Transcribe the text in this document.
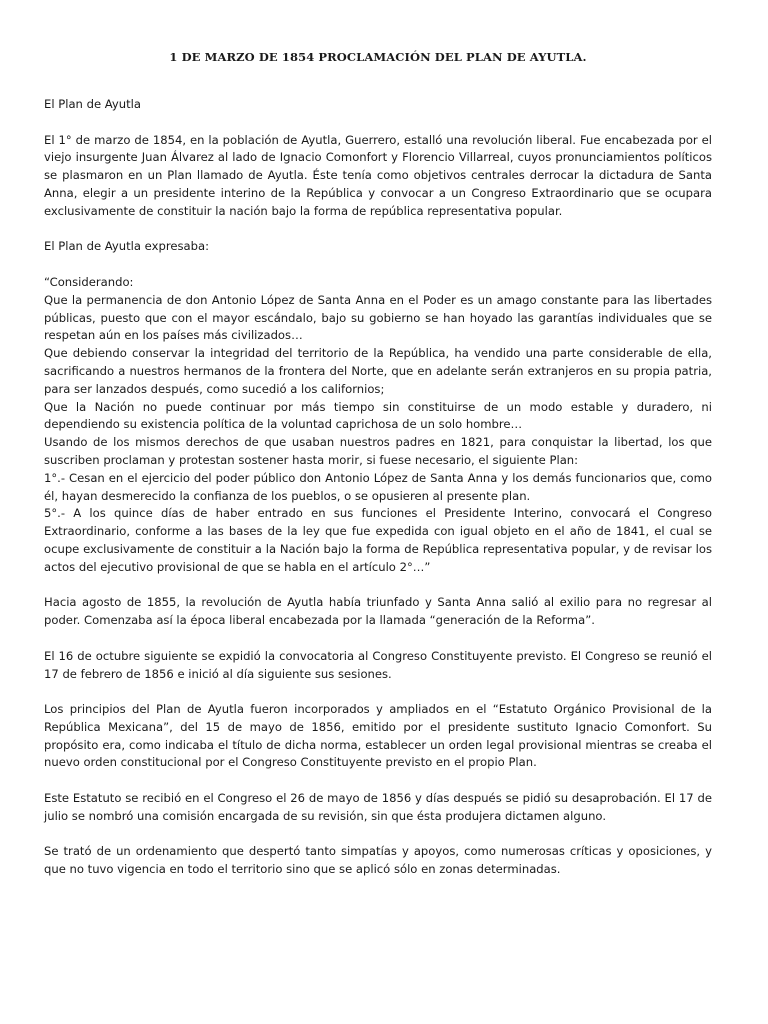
1 DE MARZO DE 1854 PROCLAMACIÓN DEL PLAN DE AYUTLA.

El Plan de Ayutla

El 1° de marzo de 1854, en la población de Ayutla, Guerrero, estalló una revolución liberal. Fue encabezada por el viejo insurgente Juan Álvarez al lado de Ignacio Comonfort y Florencio Villarreal, cuyos pronunciamientos políticos se plasmaron en un Plan llamado de Ayutla. Éste tenía como objetivos centrales derrocar la dictadura de Santa Anna, elegir a un presidente interino de la República y convocar a un Congreso Extraordinario que se ocupara exclusivamente de constituir la nación bajo la forma de república representativa popular.

El Plan de Ayutla expresaba:

“Considerando:

Que la permanencia de don Antonio López de Santa Anna en el Poder es un amago constante para las libertades públicas, puesto que con el mayor escándalo, bajo su gobierno se han hoyado las garantías individuales que se respetan aún en los países más civilizados…

Que debiendo conservar la integridad del territorio de la República, ha vendido una parte considerable de ella, sacrificando a nuestros hermanos de la frontera del Norte, que en adelante serán extranjeros en su propia patria, para ser lanzados después, como sucedió a los californios;

Que la Nación no puede continuar por más tiempo sin constituirse de un modo estable y duradero, ni dependiendo su existencia política de la voluntad caprichosa de un solo hombre…

Usando de los mismos derechos de que usaban nuestros padres en 1821, para conquistar la libertad, los que suscriben proclaman y protestan sostener hasta morir, si fuese necesario, el siguiente Plan:

1°.- Cesan en el ejercicio del poder público don Antonio López de Santa Anna y los demás funcionarios que, como él, hayan desmerecido la confianza de los pueblos, o se opusieren al presente plan.

5°.- A los quince días de haber entrado en sus funciones el Presidente Interino, convocará el Congreso Extraordinario, conforme a las bases de la ley que fue expedida con igual objeto en el año de 1841, el cual se ocupe exclusivamente de constituir a la Nación bajo la forma de República representativa popular, y de revisar los actos del ejecutivo provisional de que se habla en el artículo 2°…”

Hacia agosto de 1855, la revolución de Ayutla había triunfado y Santa Anna salió al exilio para no regresar al poder. Comenzaba así la época liberal encabezada por la llamada “generación de la Reforma”.

El 16 de octubre siguiente se expidió la convocatoria al Congreso Constituyente previsto. El Congreso se reunió el 17 de febrero de 1856 e inició al día siguiente sus sesiones.

Los principios del Plan de Ayutla fueron incorporados y ampliados en el “Estatuto Orgánico Provisional de la República Mexicana”, del 15 de mayo de 1856, emitido por el presidente sustituto Ignacio Comonfort. Su propósito era, como indicaba el título de dicha norma, establecer un orden legal provisional mientras se creaba el nuevo orden constitucional por el Congreso Constituyente previsto en el propio Plan.

Este Estatuto se recibió en el Congreso el 26 de mayo de 1856 y días después se pidió su desaprobación. El 17 de julio se nombró una comisión encargada de su revisión, sin que ésta produjera dictamen alguno.

Se trató de un ordenamiento que despertó tanto simpatías y apoyos, como numerosas críticas y oposiciones, y que no tuvo vigencia en todo el territorio sino que se aplicó sólo en zonas determinadas.
